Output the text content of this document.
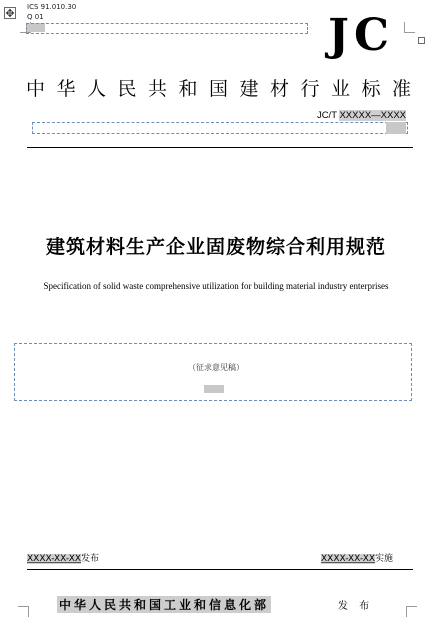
✥ ICS 91.010.30
Q 01	JC
中华人民共和国建材行业标准
JC/T XXXXX—XXXX
建筑材料生产企业固废物综合利用规范
Specification of solid waste comprehensive utilization for building material industry enterprises
（征求意见稿）
XXXX-XX-XX发布	XXXX-XX-XX实施
中华人民共和国工业和信息化部	发 布
